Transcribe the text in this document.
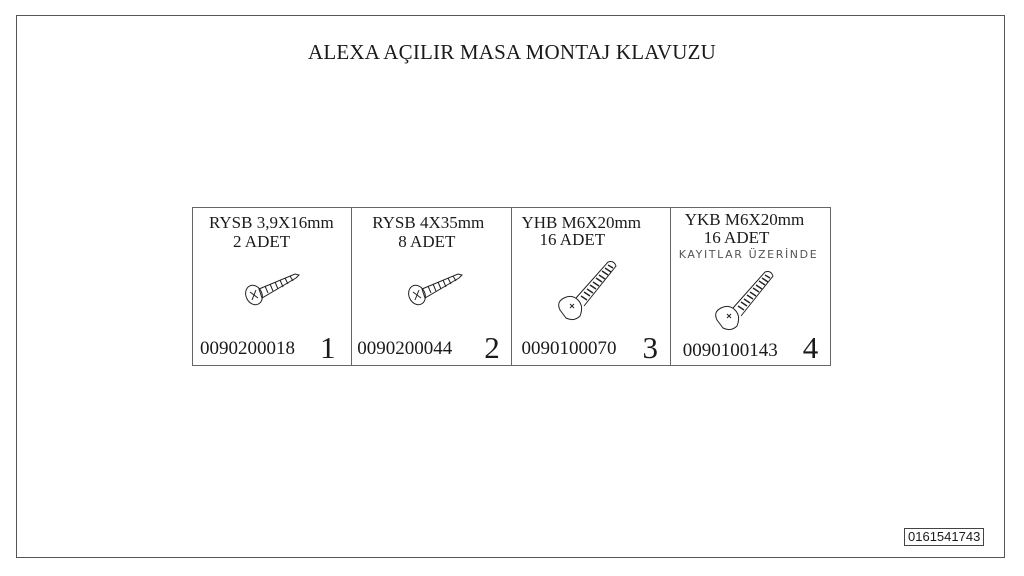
ALEXA AÇILIR MASA MONTAJ KLAVUZU
RYSB 3,9X16mm
2 ADET
0090200018 1
RYSB 4X35mm
8 ADET
0090200044 2
YHB M6X20mm
16 ADET
0090100070 3
YKB M6X20mm
16 ADET
KAYITLAR ÜZERİNDE
0090100143 4
0161541743
